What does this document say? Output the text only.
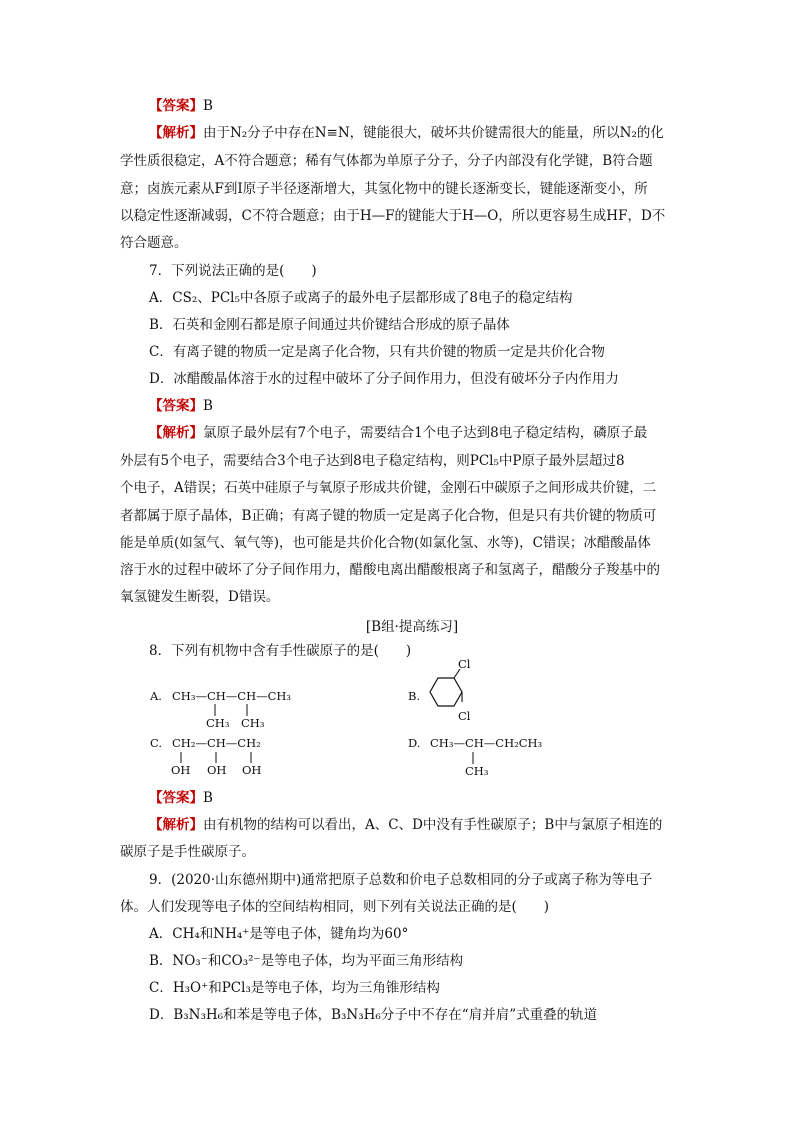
【答案】B
【解析】由于N₂分子中存在N≡N，键能很大，破坏共价键需很大的能量，所以N₂的化
学性质很稳定，A不符合题意；稀有气体都为单原子分子，分子内部没有化学键，B符合题
意；卤族元素从F到I原子半径逐渐增大，其氢化物中的键长逐渐变长，键能逐渐变小，所
以稳定性逐渐减弱，C不符合题意；由于H—F的键能大于H—O，所以更容易生成HF，D不
符合题意。
7．下列说法正确的是(　　)
A．CS₂、PCl₅中各原子或离子的最外电子层都形成了8电子的稳定结构
B．石英和金刚石都是原子间通过共价键结合形成的原子晶体
C．有离子键的物质一定是离子化合物，只有共价键的物质一定是共价化合物
D．冰醋酸晶体溶于水的过程中破坏了分子间作用力，但没有破坏分子内作用力
【答案】B
【解析】氯原子最外层有7个电子，需要结合1个电子达到8电子稳定结构，磷原子最
外层有5个电子，需要结合3个电子达到8电子稳定结构，则PCl₅中P原子最外层超过8
个电子，A错误；石英中硅原子与氧原子形成共价键，金刚石中碳原子之间形成共价键，二
者都属于原子晶体，B正确；有离子键的物质一定是离子化合物，但是只有共价键的物质可
能是单质(如氢气、氧气等)，也可能是共价化合物(如氯化氢、水等)，C错误；冰醋酸晶体
溶于水的过程中破坏了分子间作用力，醋酸电离出醋酸根离子和氢离子，醋酸分子羧基中的
氧氢键发生断裂，D错误。
[B组·提高练习]
8．下列有机物中含有手性碳原子的是(　　)
A. CH₃—CH—CH—CH₃
CH₃ CH₃
B.
Cl
Cl
C. CH₂—CH—CH₂
OH OH OH
D. CH₃—CH—CH₂CH₃
CH₃
【答案】B
【解析】由有机物的结构可以看出，A、C、D中没有手性碳原子；B中与氯原子相连的
碳原子是手性碳原子。
9．(2020·山东德州期中)通常把原子总数和价电子总数相同的分子或离子称为等电子
体。人们发现等电子体的空间结构相同，则下列有关说法正确的是(　　)
A．CH₄和NH₄⁺是等电子体，键角均为60°
B．NO₃⁻和CO₃²⁻是等电子体，均为平面三角形结构
C．H₃O⁺和PCl₃是等电子体，均为三角锥形结构
D．B₃N₃H₆和苯是等电子体，B₃N₃H₆分子中不存在“肩并肩”式重叠的轨道
